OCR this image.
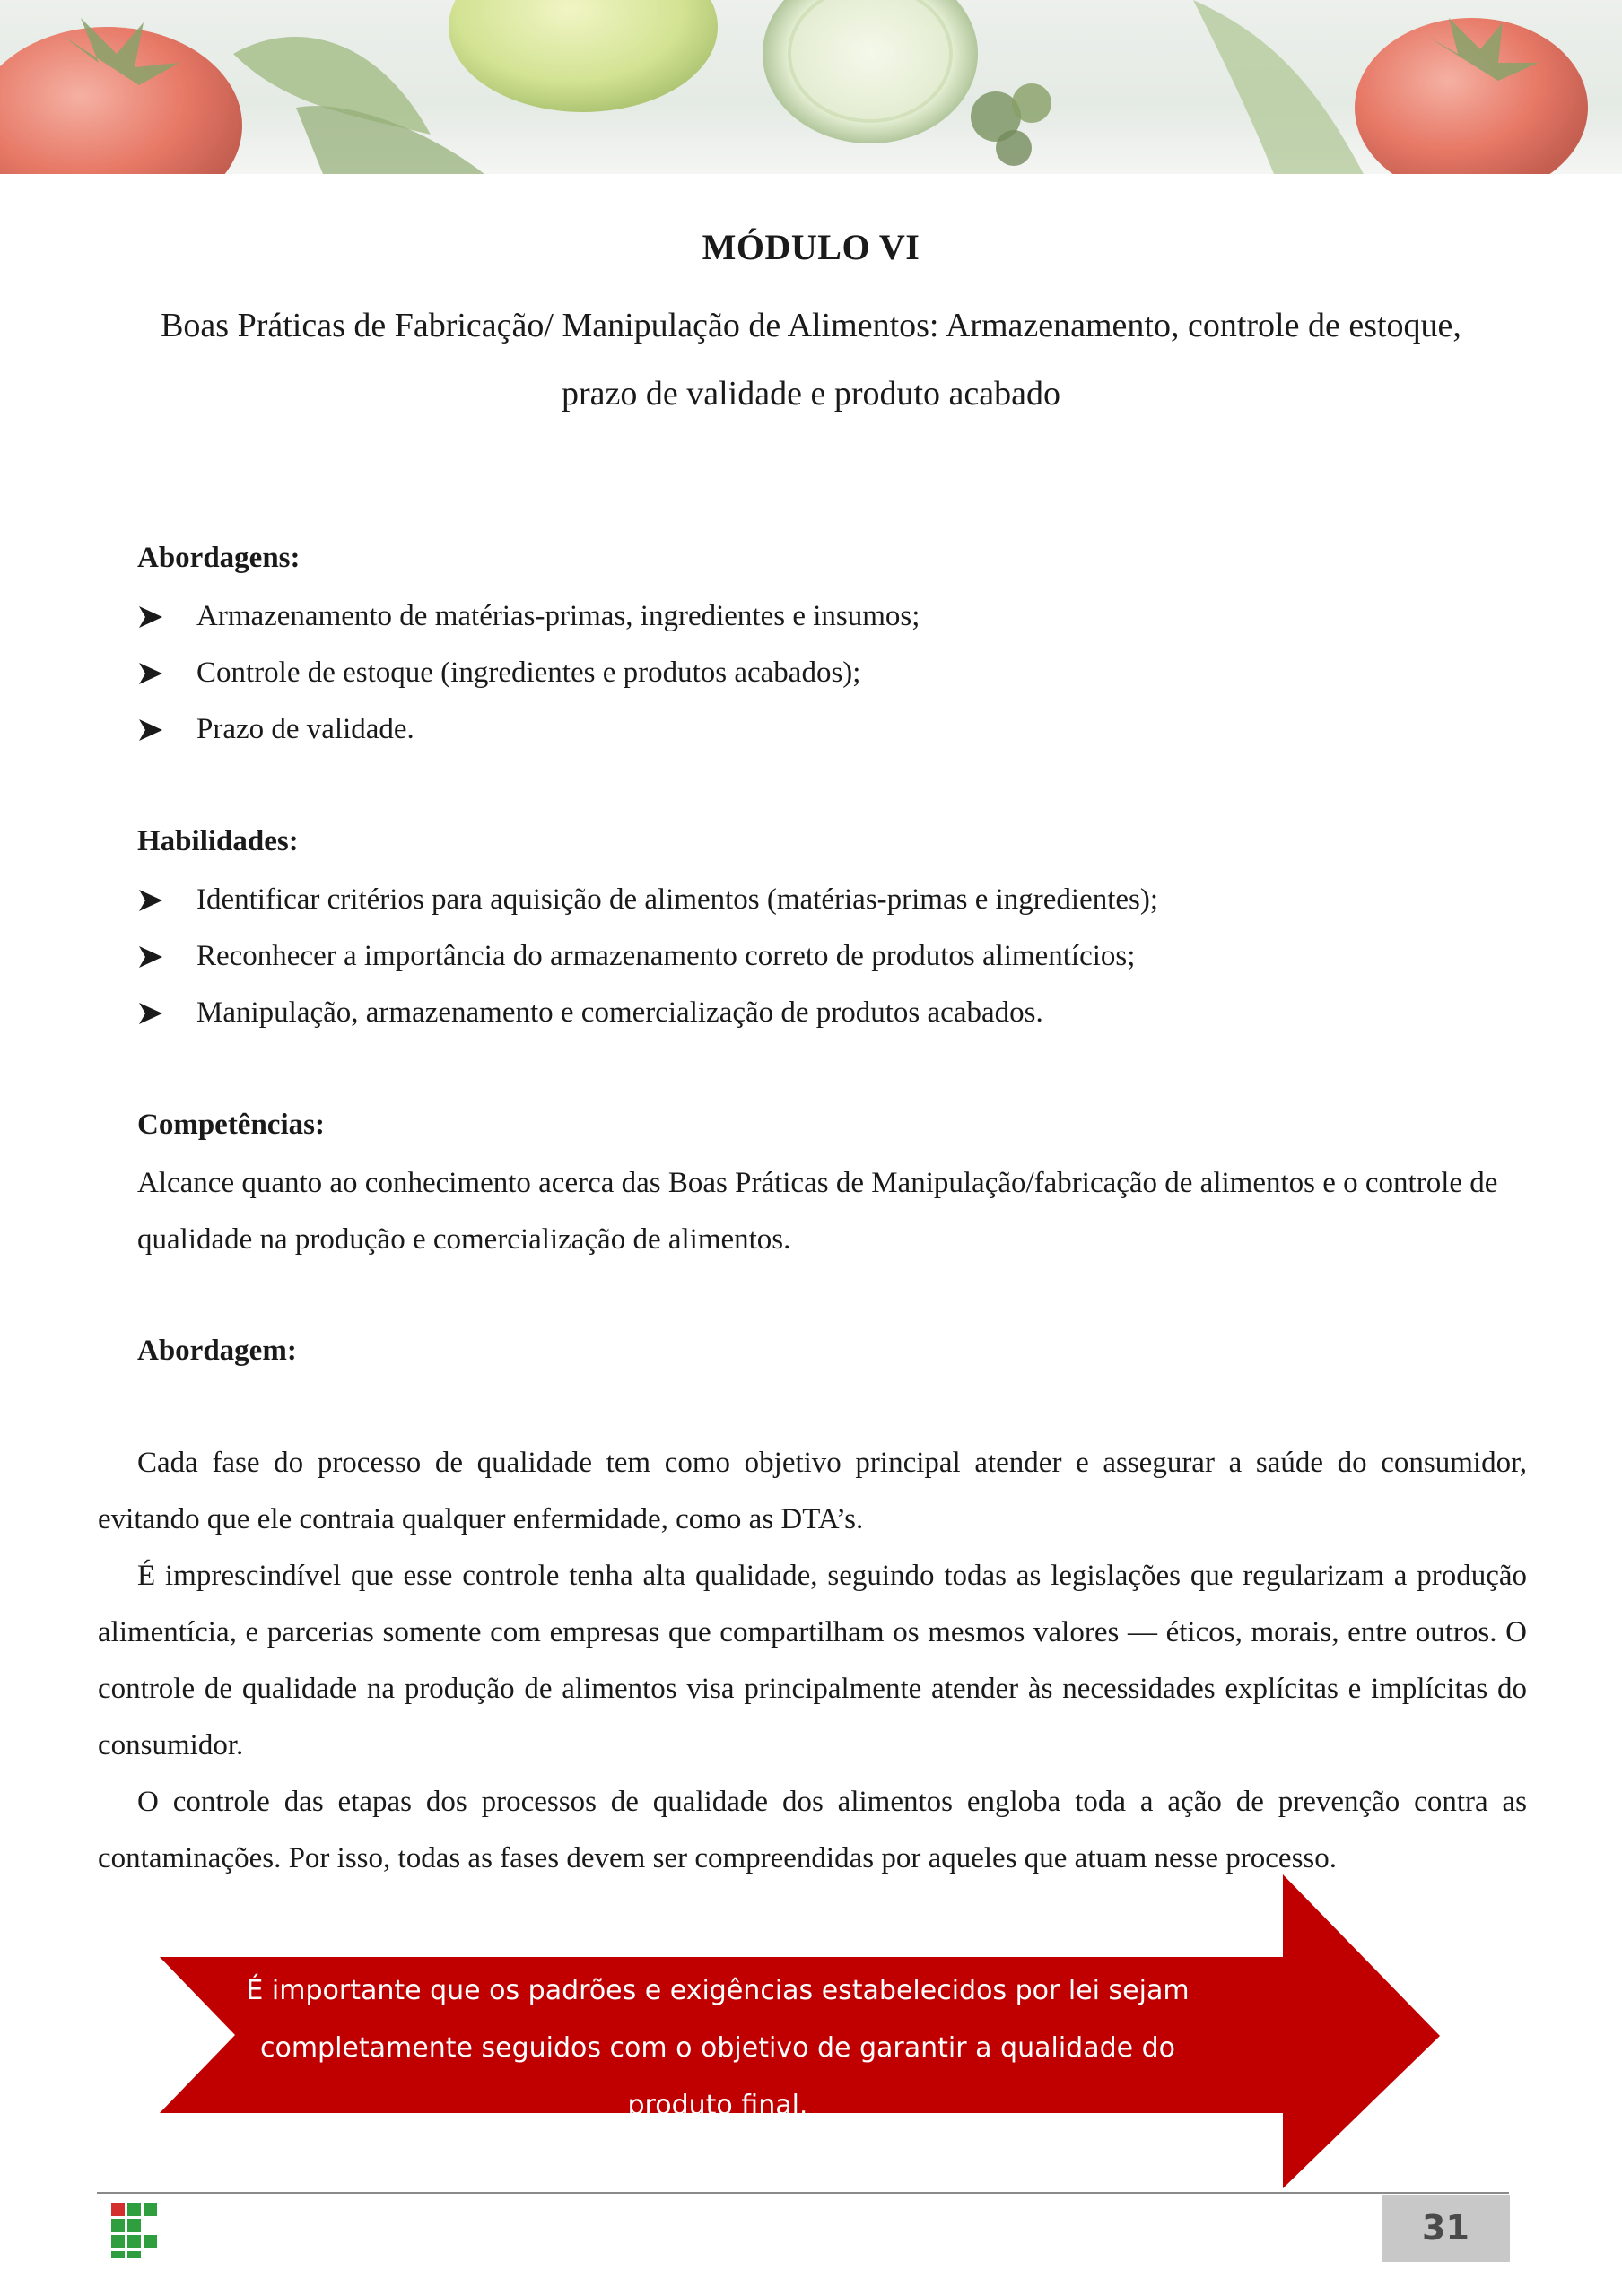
MÓDULO VI
Boas Práticas de Fabricação/ Manipulação de Alimentos: Armazenamento, controle de estoque, prazo de validade e produto acabado
Abordagens:
Armazenamento de matérias-primas, ingredientes e insumos;
Controle de estoque (ingredientes e produtos acabados);
Prazo de validade.
Habilidades:
Identificar critérios para aquisição de alimentos (matérias-primas e ingredientes);
Reconhecer a importância do armazenamento correto de produtos alimentícios;
Manipulação, armazenamento e comercialização de produtos acabados.
Competências:

Alcance quanto ao conhecimento acerca das Boas Práticas de Manipulação/fabricação de alimentos e o controle de qualidade na produção e comercialização de alimentos.

Abordagem:

Cada fase do processo de qualidade tem como objetivo principal atender e assegurar a saúde do consumidor, evitando que ele contraia qualquer enfermidade, como as DTA’s.

É imprescindível que esse controle tenha alta qualidade, seguindo todas as legislações que regularizam a produção alimentícia, e parcerias somente com empresas que compartilham os mesmos valores — éticos, morais, entre outros. O controle de qualidade na produção de alimentos visa principalmente atender às necessidades explícitas e implícitas do consumidor.

O controle das etapas dos processos de qualidade dos alimentos engloba toda a ação de prevenção contra as contaminações. Por isso, todas as fases devem ser compreendidas por aqueles que atuam nesse processo.

É importante que os padrões e exigências estabelecidos por lei sejam
completamente seguidos com o objetivo de garantir a qualidade do produto final.
31
